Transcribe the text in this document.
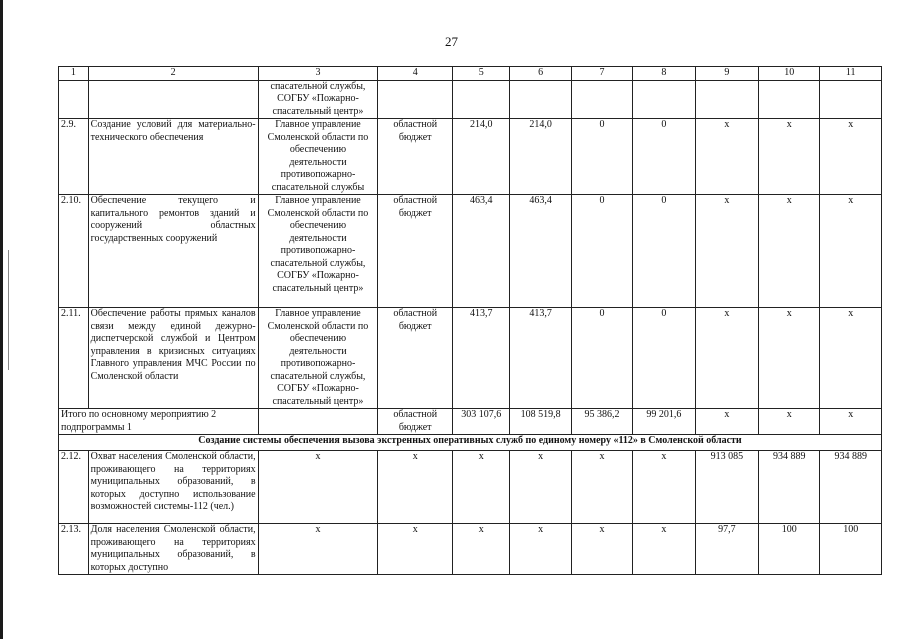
27
1	2	3	4	5	6	7	8	9	10	11
		спасательной службы, СОГБУ «Пожарно-спасательный центр»								
2.9.	Создание условий для материально-технического обеспечения	Главное управление Смоленской области по обеспечению деятельности противопожарно-спасательной службы	областной бюджет	214,0	214,0	0	0	х	х	х
2.10.	Обеспечение текущего и капитального ремонтов зданий и сооружений областных государственных сооружений	Главное управление Смоленской области по обеспечению деятельности противопожарно-спасательной службы, СОГБУ «Пожарно-спасательный центр»	областной бюджет	463,4	463,4	0	0	х	х	х
2.11.	Обеспечение работы прямых каналов связи между единой дежурно-диспетчерской службой и Центром управления в кризисных ситуациях Главного управления МЧС России по Смоленской области	Главное управление Смоленской области по обеспечению деятельности противопожарно-спасательной службы, СОГБУ «Пожарно-спасательный центр»	областной бюджет	413,7	413,7	0	0	х	х	х
Итого по основному мероприятию 2 подпрограммы 1			областной бюджет	303 107,6	108 519,8	95 386,2	99 201,6	х	х	х
Создание системы обеспечения вызова экстренных оперативных служб по единому номеру «112» в Смоленской области										
2.12.	Охват населения Смоленской области, проживающего на территориях муниципальных образований, в которых доступно использование возможностей системы-112 (чел.)	х	х	х	х	х	х	913 085	934 889	934 889
2.13.	Доля населения Смоленской области, проживающего на территориях муниципальных образований, в которых доступно	х	х	х	х	х	х	97,7	100	100
